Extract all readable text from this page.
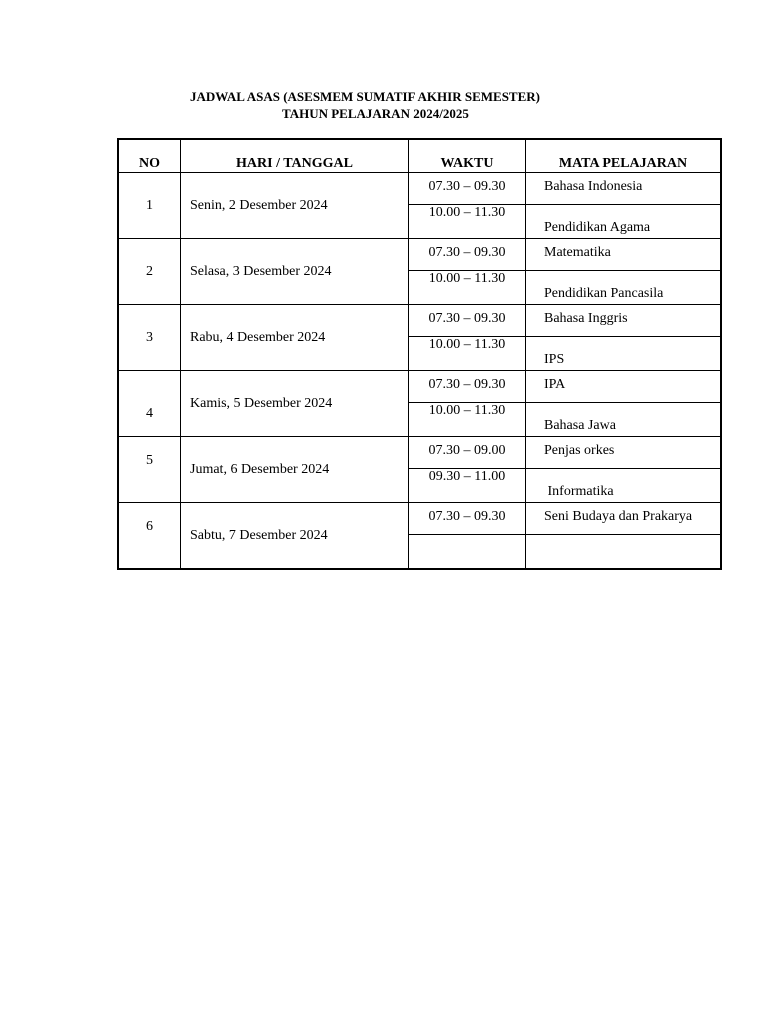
JADWAL ASAS (ASESMEM SUMATIF AKHIR SEMESTER)
TAHUN PELAJARAN 2024/2025
NO	HARI / TANGGAL	WAKTU	MATA PELAJARAN
1	Senin, 2 Desember 2024	07.30 – 09.30	Bahasa Indonesia
		10.00 – 11.30	Pendidikan Agama
2	Selasa, 3 Desember 2024	07.30 – 09.30	Matematika
		10.00 – 11.30	Pendidikan Pancasila
3	Rabu, 4 Desember 2024	07.30 – 09.30	Bahasa Inggris
		10.00 – 11.30	IPS
4	Kamis, 5 Desember 2024	07.30 – 09.30	IPA
		10.00 – 11.30	Bahasa Jawa
5	Jumat, 6 Desember 2024	07.30 – 09.00	Penjas orkes
		09.30 – 11.00	Informatika
6	Sabtu, 7 Desember 2024	07.30 – 09.30	Seni Budaya dan Prakarya
